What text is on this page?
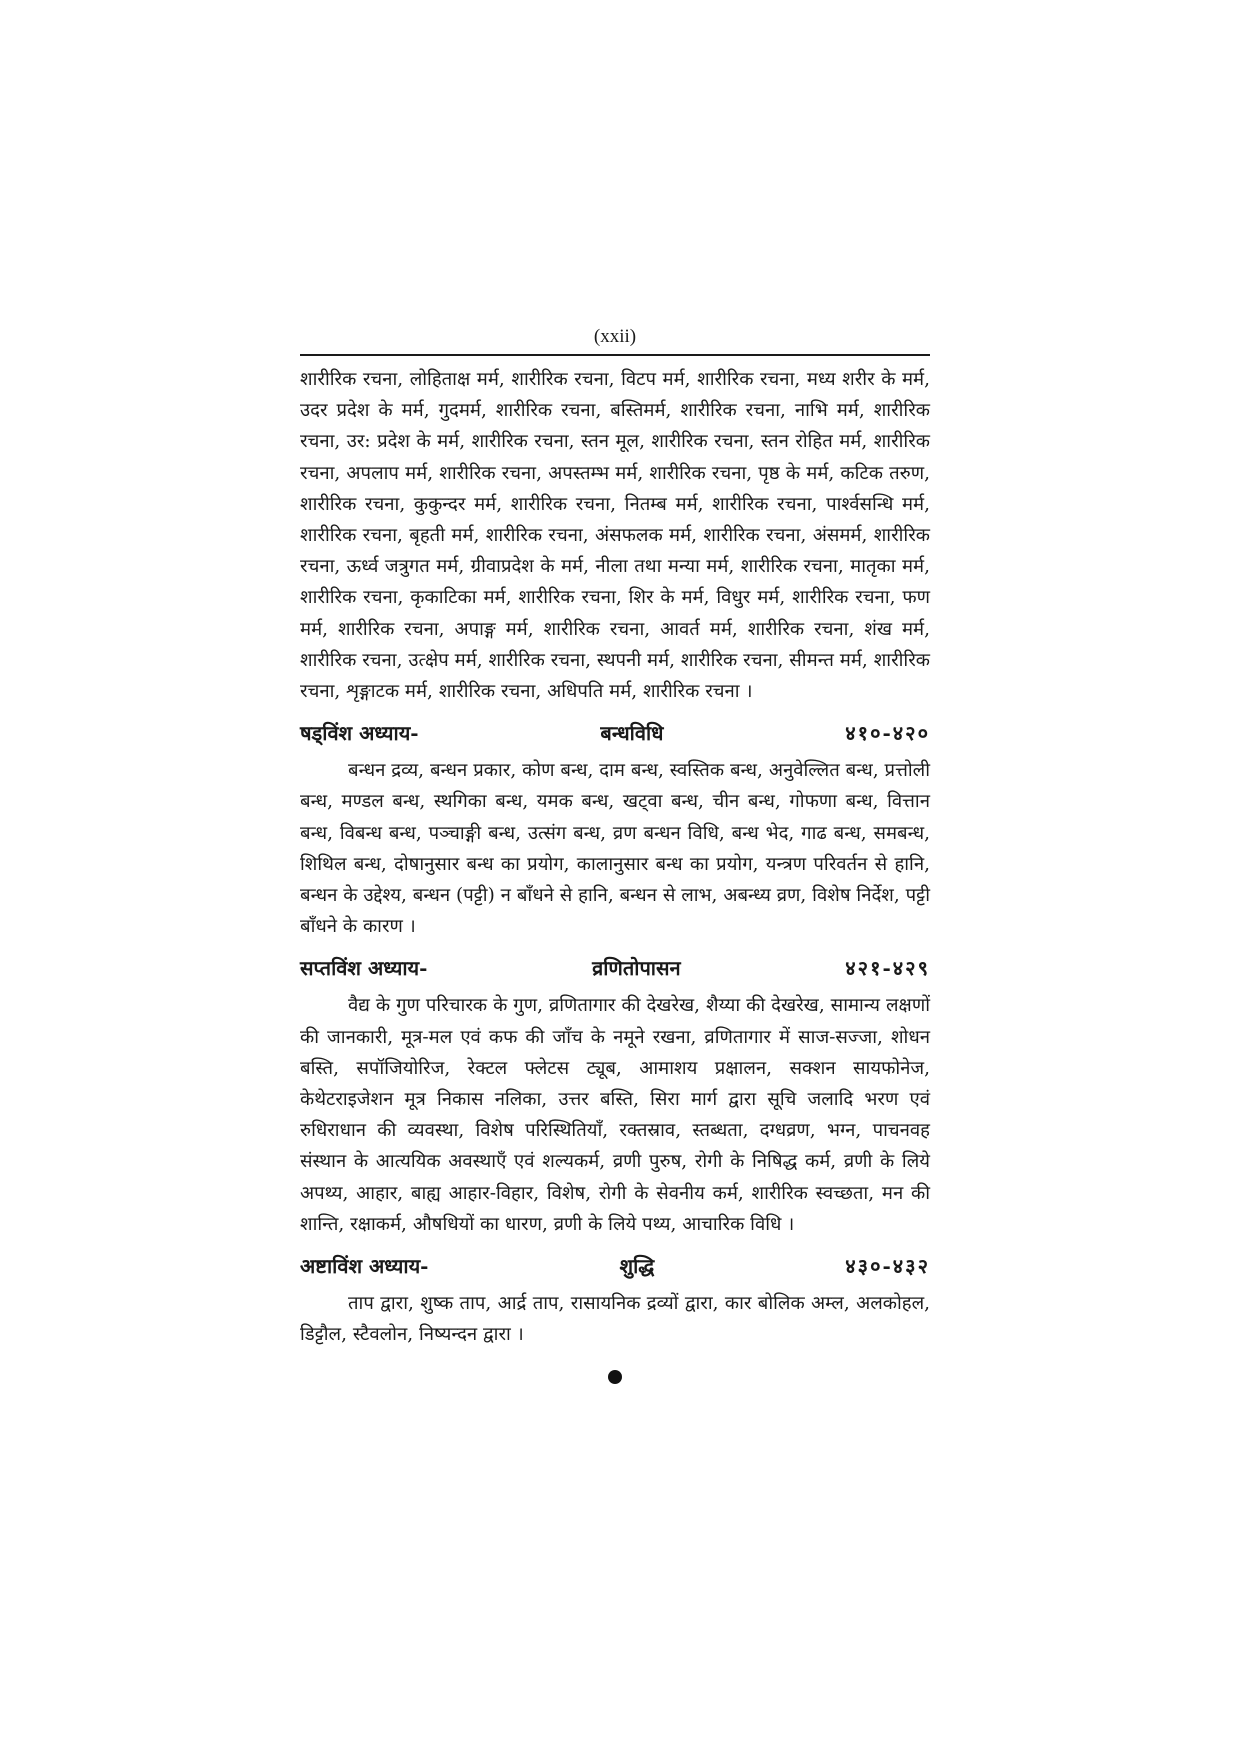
(xxii)

शारीरिक रचना, लोहिताक्ष मर्म, शारीरिक रचना, विटप मर्म, शारीरिक रचना, मध्य शरीर के मर्म, उदर प्रदेश के मर्म, गुदमर्म, शारीरिक रचना, बस्तिमर्म, शारीरिक रचना, नाभि मर्म, शारीरिक रचना, उर: प्रदेश के मर्म, शारीरिक रचना, स्तन मूल, शारीरिक रचना, स्तन रोहित मर्म, शारीरिक रचना, अपलाप मर्म, शारीरिक रचना, अपस्तम्भ मर्म, शारीरिक रचना, पृष्ठ के मर्म, कटिक तरुण, शारीरिक रचना, कुकुन्दर मर्म, शारीरिक रचना, नितम्ब मर्म, शारीरिक रचना, पार्श्वसन्धि मर्म, शारीरिक रचना, बृहती मर्म, शारीरिक रचना, अंसफलक मर्म, शारीरिक रचना, अंसमर्म, शारीरिक रचना, ऊर्ध्व जत्रुगत मर्म, ग्रीवाप्रदेश के मर्म, नीला तथा मन्या मर्म, शारीरिक रचना, मातृका मर्म, शारीरिक रचना, कृकाटिका मर्म, शारीरिक रचना, शिर के मर्म, विधुर मर्म, शारीरिक रचना, फण मर्म, शारीरिक रचना, अपाङ्ग मर्म, शारीरिक रचना, आवर्त मर्म, शारीरिक रचना, शंख मर्म, शारीरिक रचना, उत्क्षेप मर्म, शारीरिक रचना, स्थपनी मर्म, शारीरिक रचना, सीमन्त मर्म, शारीरिक रचना, शृङ्गाटक मर्म, शारीरिक रचना, अधिपति मर्म, शारीरिक रचना ।

षड्विंश अध्याय-	बन्धविधि	४१०-४२०

बन्धन द्रव्य, बन्धन प्रकार, कोण बन्ध, दाम बन्ध, स्वस्तिक बन्ध, अनुवेल्लित बन्ध, प्रत्तोली बन्ध, मण्डल बन्ध, स्थगिका बन्ध, यमक बन्ध, खट्वा बन्ध, चीन बन्ध, गोफणा बन्ध, वित्तान बन्ध, विबन्ध बन्ध, पञ्चाङ्गी बन्ध, उत्संग बन्ध, व्रण बन्धन विधि, बन्ध भेद, गाढ बन्ध, समबन्ध, शिथिल बन्ध, दोषानुसार बन्ध का प्रयोग, कालानुसार बन्ध का प्रयोग, यन्त्रण परिवर्तन से हानि, बन्धन के उद्देश्य, बन्धन (पट्टी) न बाँधने से हानि, बन्धन से लाभ, अबन्ध्य व्रण, विशेष निर्देश, पट्टी बाँधने के कारण ।

सप्तविंश अध्याय-	व्रणितोपासन	४२१-४२९

वैद्य के गुण परिचारक के गुण, व्रणितागार की देखरेख, शैय्या की देखरेख, सामान्य लक्षणों की जानकारी, मूत्र-मल एवं कफ की जाँच के नमूने रखना, व्रणितागार में साज-सज्जा, शोधन बस्ति, सपॉजियोरिज, रेक्टल फ्लेटस ट्यूब, आमाशय प्रक्षालन, सक्शन सायफोनेज, केथेटराइजेशन मूत्र निकास नलिका, उत्तर बस्ति, सिरा मार्ग द्वारा सूचि जलादि भरण एवं रुधिराधान की व्यवस्था, विशेष परिस्थितियाँ, रक्तस्राव, स्तब्धता, दग्धव्रण, भग्न, पाचनवह संस्थान के आत्ययिक अवस्थाएँ एवं शल्यकर्म, व्रणी पुरुष, रोगी के निषिद्ध कर्म, व्रणी के लिये अपथ्य, आहार, बाह्य आहार-विहार, विशेष, रोगी के सेवनीय कर्म, शारीरिक स्वच्छता, मन की शान्ति, रक्षाकर्म, औषधियों का धारण, व्रणी के लिये पथ्य, आचारिक विधि ।

अष्टाविंश अध्याय-	शुद्धि	४३०-४३२

ताप द्वारा, शुष्क ताप, आर्द्र ताप, रासायनिक द्रव्यों द्वारा, कार बोलिक अम्ल, अलकोहल, डिट्टौल, स्टैवलोन, निष्यन्दन द्वारा ।
